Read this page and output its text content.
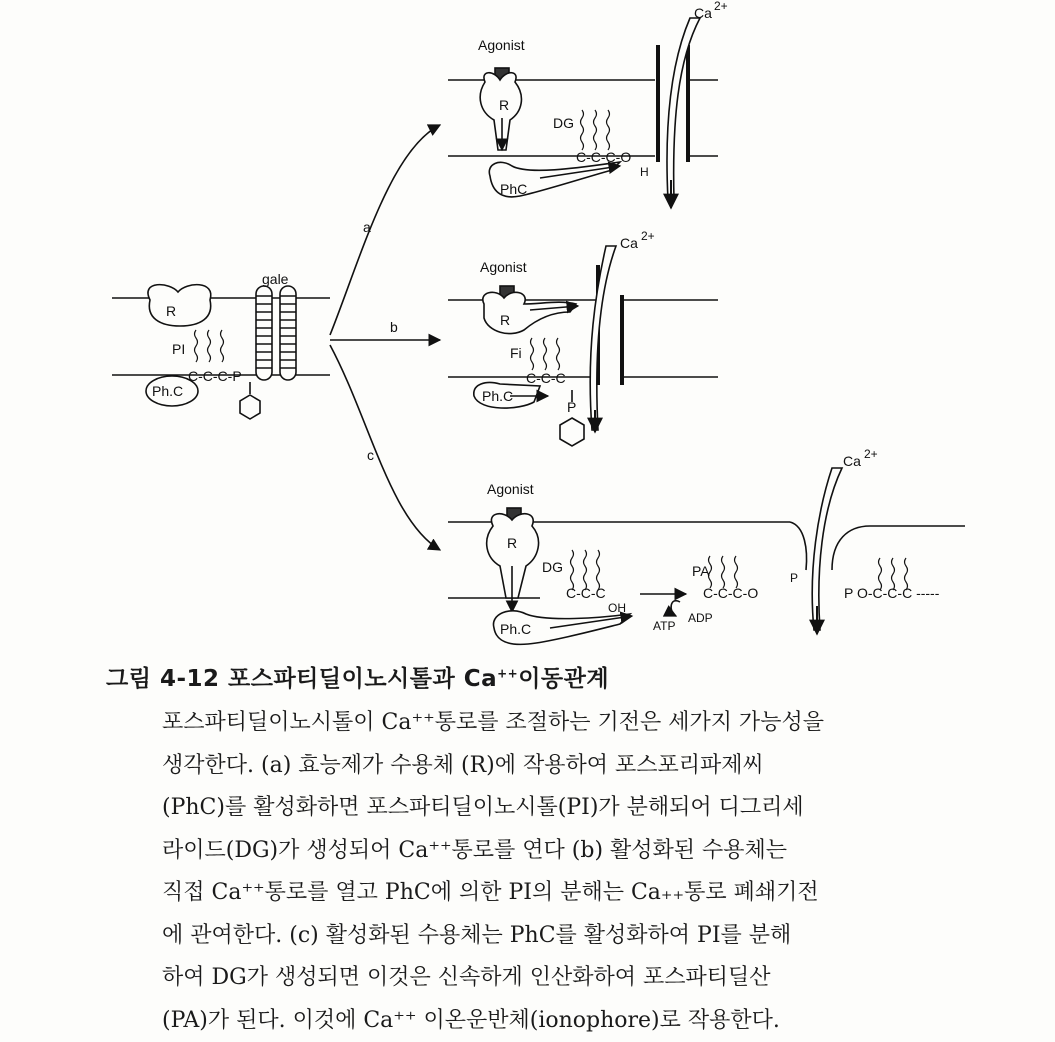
Agonist
R
DG
C-C-C-O
H
PhC
Ca 2+
a
R
gale
PI
C-C-C-P
Ph.C
Agonist
R
Fi
C-C-C
P
Ph.C
Ca 2+
b
Agonist
R
DG
C-C-C
OH
Ph.C	ATP
ADP
PA
C-C-C-O
P
P O-C-C-C -----
Ca 2+
c
그림 4-12 포스파티딜이노시톨과 Ca++이동관계

포스파티딜이노시톨이 Ca⁺⁺통로를 조절하는 기전은 세가지 가능성을

생각한다. (a) 효능제가 수용체 (R)에 작용하여 포스포리파제씨

(PhC)를 활성화하면 포스파티딜이노시톨(PI)가 분해되어 디그리세

라이드(DG)가 생성되어 Ca⁺⁺통로를 연다 (b) 활성화된 수용체는

직접 Ca⁺⁺통로를 열고 PhC에 의한 PI의 분해는 Ca₊₊통로 폐쇄기전

에 관여한다. (c) 활성화된 수용체는 PhC를 활성화하여 PI를 분해

하여 DG가 생성되면 이것은 신속하게 인산화하여 포스파티딜산

(PA)가 된다. 이것에 Ca⁺⁺ 이온운반체(ionophore)로 작용한다.
